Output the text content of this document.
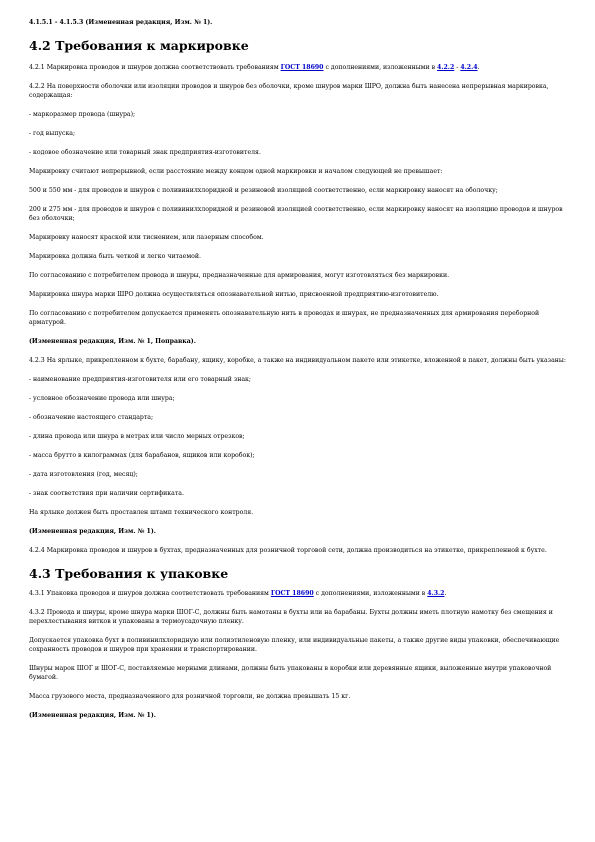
4.1.5.1 - 4.1.5.3 (Измененная редакция, Изм. № 1).

4.2 Требования к маркировке

4.2.1 Маркировка проводов и шнуров должна соответствовать требованиям ГОСТ 18690 с дополнениями, изложенными в 4.2.2 - 4.2.4.

4.2.2 На поверхности оболочки или изоляции проводов и шнуров без оболочки, кроме шнуров марки ШРО, должна быть нанесена непрерывная маркировка, содержащая:

- маркоразмер провода (шнура);

- год выпуска;

- кодовое обозначение или товарный знак предприятия-изготовителя.

Маркировку считают непрерывной, если расстояние между концом одной маркировки и началом следующей не превышает:

500 и 550 мм - для проводов и шнуров с поливинилхлоридной и резиновой изоляцией соответственно, если маркировку наносят на оболочку;

200 и 275 мм - для проводов и шнуров с поливинилхлоридной и резиновой изоляцией соответственно, если маркировку наносят на изоляцию проводов и шнуров без оболочки;

Маркировку наносят краской или тиснением, или лазерным способом.

Маркировка должна быть четкой и легко читаемой.

По согласованию с потребителем провода и шнуры, предназначенные для армирования, могут изготовляться без маркировки.

Маркировка шнура марки ШРО должна осуществляться опознавательной нитью, присвоенной предприятию-изготовителю.

По согласованию с потребителем допускается применять опознавательную нить в проводах и шнурах, не предназначенных для армирования переборной арматурой.

(Измененная редакция, Изм. № 1, Поправка).

4.2.3 На ярлыке, прикрепленном к бухте, барабану, ящику, коробке, а также на индивидуальном пакете или этикетке, вложенной в пакет, должны быть указаны:

- наименование предприятия-изготовителя или его товарный знак;

- условное обозначение провода или шнура;

- обозначение настоящего стандарта;

- длина провода или шнура в метрах или число мерных отрезков;

- масса брутто в килограммах (для барабанов, ящиков или коробок);

- дата изготовления (год, месяц);

- знак соответствия при наличии сертификата.

На ярлыке должен быть проставлен штамп технического контроля.

(Измененная редакция, Изм. № 1).

4.2.4 Маркировка проводов и шнуров в бухтах, предназначенных для розничной торговой сети, должна производиться на этикетке, прикрепленной к бухте.

4.3 Требования к упаковке

4.3.1 Упаковка проводов и шнуров должна соответствовать требованиям ГОСТ 18690 с дополнениями, изложенными в 4.3.2.

4.3.2 Провода и шнуры, кроме шнура марки ШОГ-С, должны быть намотаны в бухты или на барабаны. Бухты должны иметь плотную намотку без смещения и перехлестывания витков и упакованы в термоусадочную пленку.

Допускается упаковка бухт в поливинилхлоридную или полиэтиленовую пленку, или индивидуальные пакеты, а также другие виды упаковки, обеспечивающие сохранность проводов и шнуров при хранении и транспортировании.

Шнуры марок ШОГ и ШОГ-С, поставляемые мерными длинами, должны быть упакованы в коробки или деревянные ящики, выложенные внутри упаковочной бумагой.

Масса грузового места, предназначенного для розничной торговли, не должна превышать 15 кг.

(Измененная редакция, Изм. № 1).
